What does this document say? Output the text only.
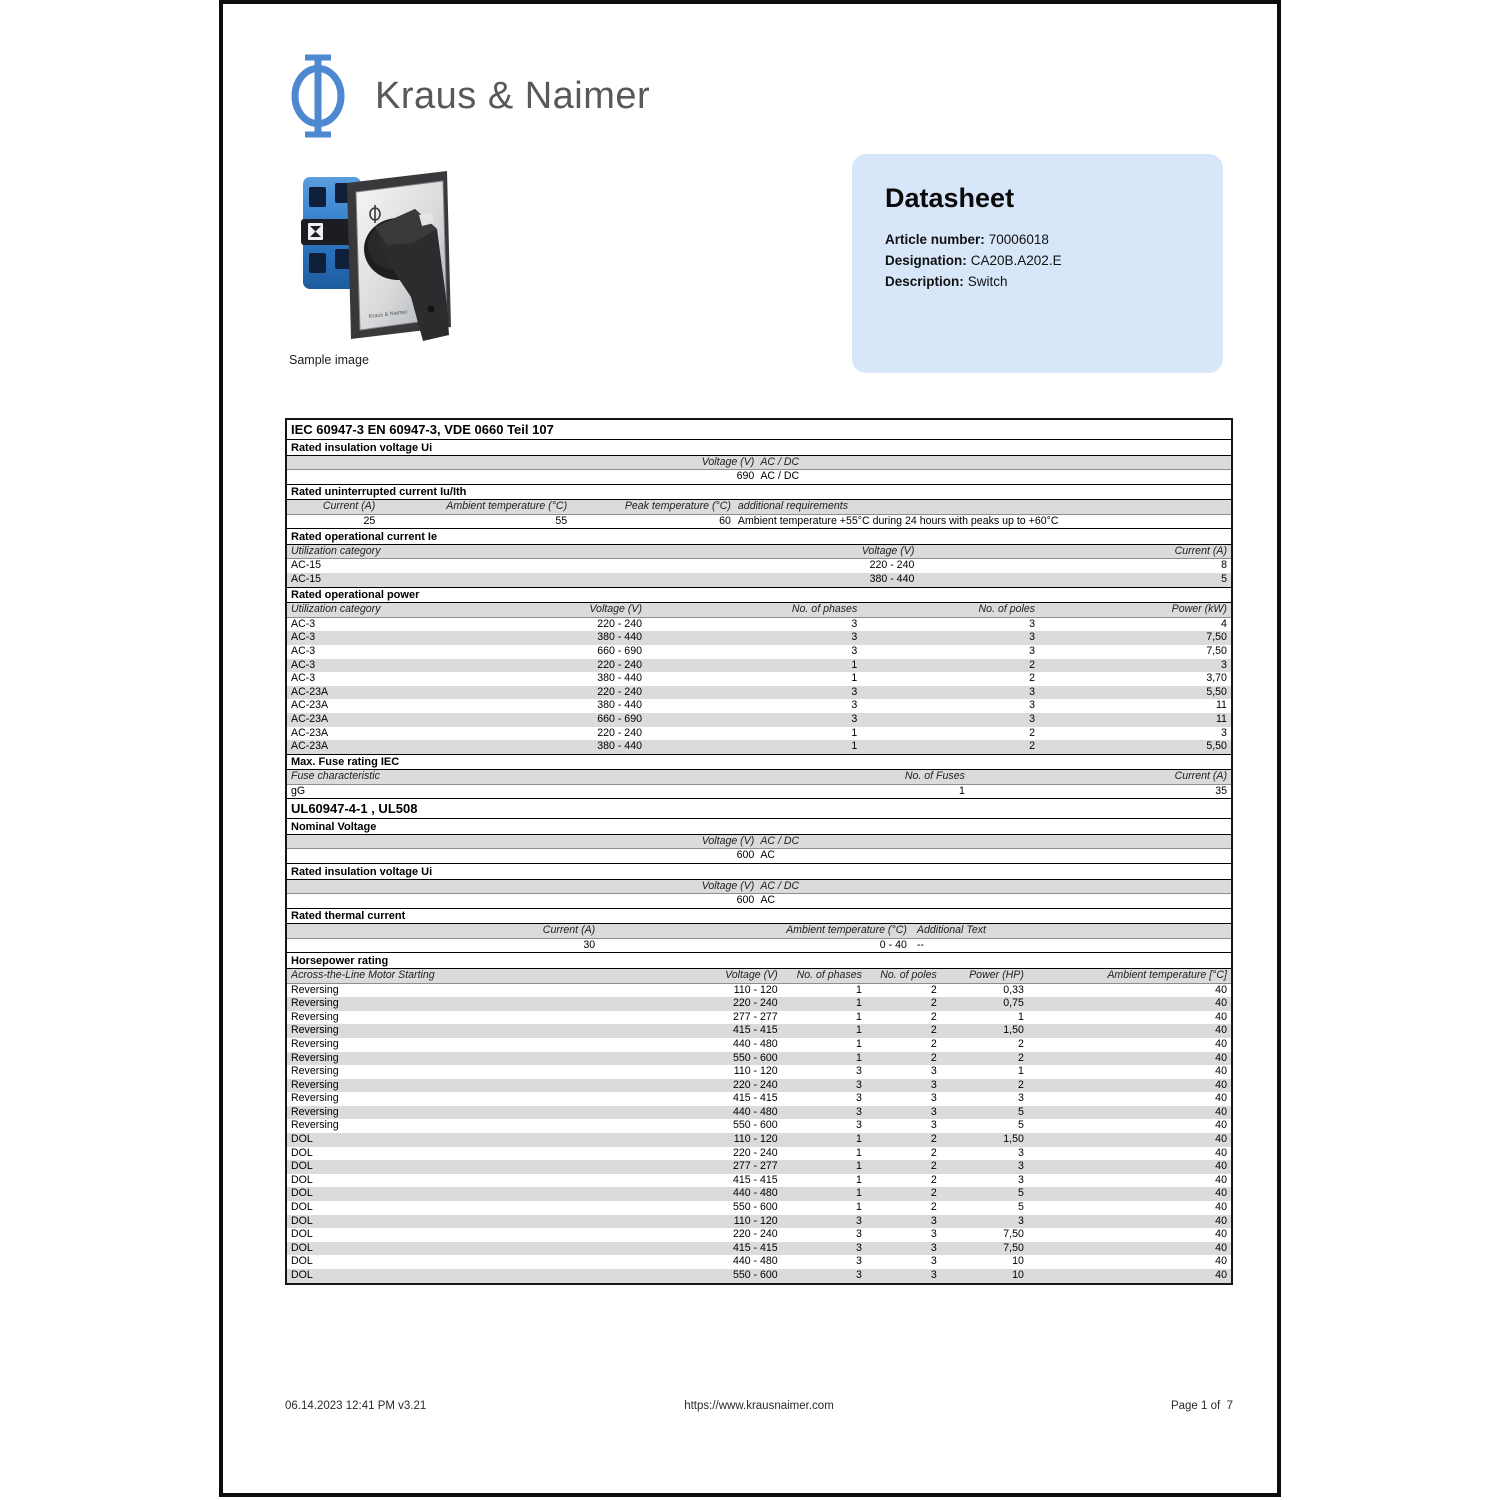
Kraus & Naimer
Kraus & Naimer
Sample image
Datasheet
Article number: 70006018
Designation: CA20B.A202.E
Description: Switch
IEC 60947-3 EN 60947-3, VDE 0660 Teil 107
Rated insulation voltage Ui
Voltage (V) AC / DC
690 AC / DC
Rated uninterrupted current Iu/Ith
Current (A)	Ambient temperature (°C)	Peak temperature (°C) additional requirements
25	55	60 Ambient temperature +55°C during 24 hours with peaks up to +60°C
Rated operational current Ie
Utilization category	Voltage (V)	Current (A)
AC-15	220 - 240	8
AC-15	380 - 440	5
Rated operational power
Utilization category	Voltage (V)	No. of phases	No. of poles	Power (kW)
AC-3	220 - 240	3	3	4
AC-3	380 - 440	3	3	7,50
AC-3	660 - 690	3	3	7,50
AC-3	220 - 240	1	2	3
AC-3	380 - 440	1	2	3,70
AC-23A	220 - 240	3	3	5,50
AC-23A	380 - 440	3	3	11
AC-23A	660 - 690	3	3	11
AC-23A	220 - 240	1	2	3
AC-23A	380 - 440	1	2	5,50
Max. Fuse rating IEC
Fuse characteristic	No. of Fuses	Current (A)
gG	1	35
UL60947-4-1 , UL508
Nominal Voltage
Voltage (V) AC / DC
600 AC
Rated insulation voltage Ui
Voltage (V) AC / DC
600 AC
Rated thermal current
Current (A)	Ambient temperature (°C) Additional Text
30	0 - 40 --
Horsepower rating
Across-the-Line Motor Starting	Voltage (V)	No. of phases	No. of poles	Power (HP)	Ambient temperature [°C]
Reversing	110 - 120	1	2	0,33	40
Reversing	220 - 240	1	2	0,75	40
Reversing	277 - 277	1	2	1	40
Reversing	415 - 415	1	2	1,50	40
Reversing	440 - 480	1	2	2	40
Reversing	550 - 600	1	2	2	40
Reversing	110 - 120	3	3	1	40
Reversing	220 - 240	3	3	2	40
Reversing	415 - 415	3	3	3	40
Reversing	440 - 480	3	3	5	40
Reversing	550 - 600	3	3	5	40
DOL	110 - 120	1	2	1,50	40
DOL	220 - 240	1	2	3	40
DOL	277 - 277	1	2	3	40
DOL	415 - 415	1	2	3	40
DOL	440 - 480	1	2	5	40
DOL	550 - 600	1	2	5	40
DOL	110 - 120	3	3	3	40
DOL	220 - 240	3	3	7,50	40
DOL	415 - 415	3	3	7,50	40
DOL	440 - 480	3	3	10	40
DOL	550 - 600	3	3	10	40
06.14.2023 12:41 PM v3.21	https://www.krausnaimer.com	Page 1 of  7
